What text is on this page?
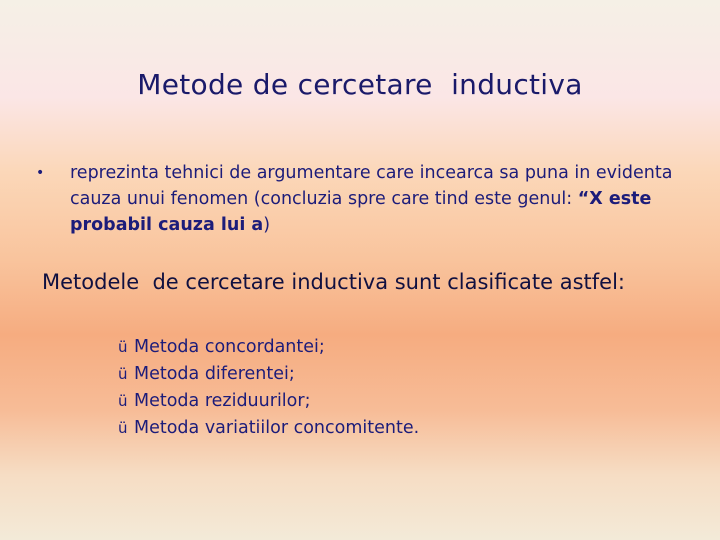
Metode de cercetare  inductiva
• reprezinta tehnici de argumentare care incearca sa puna in evidenta cauza unui fenomen (concluzia spre care tind este genul: “X este probabil cauza lui a)
Metodele  de cercetare inductiva sunt clasificate astfel:
ü Metoda concordantei;
ü Metoda diferentei;
ü Metoda reziduurilor;
ü Metoda variatiilor concomitente.
